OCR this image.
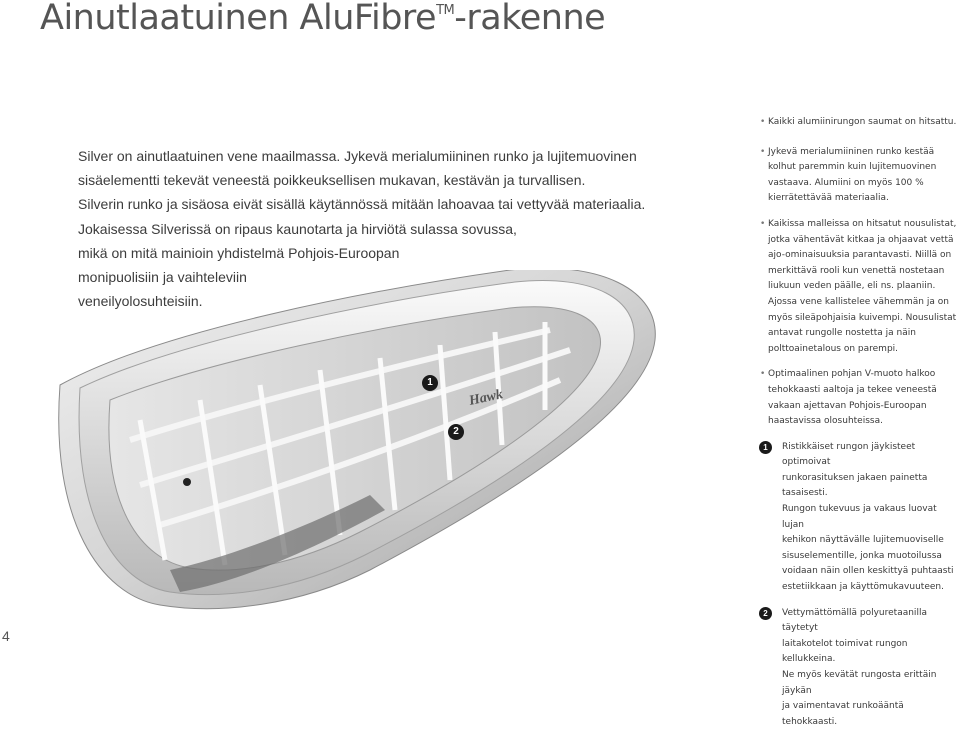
Ainutlaatuinen AluFibre™-rakenne

Silver on ainutlaatuinen vene maailmassa. Jykevä merialumiininen runko ja lujitemuovinen

sisäelementti tekevät veneestä poikkeuksellisen mukavan, kestävän ja turvallisen.

Silverin runko ja sisäosa eivät sisällä käytännössä mitään lahoavaa tai vettyvää materiaalia.

Jokaisessa Silverissä on ripaus kaunotarta ja hirviötä sulassa sovussa,

mikä on mitä mainioin yhdistelmä Pohjois-Euroopan

monipuolisiin ja vaihteleviin

veneilyolosuhteisiin.

Hawk
1
2
• Kaikki alumiinirungon saumat on hitsattu.
• Jykevä merialumiininen runko kestää
kolhut paremmin kuin lujitemuovinen
vastaava. Alumiini on myös 100 %
kierrätettävää materiaalia.
• Kaikissa malleissa on hitsatut nousulistat,
jotka vähentävät kitkaa ja ohjaavat vettä
ajo-ominaisuuksia parantavasti. Niillä on
merkittävä rooli kun venettä nostetaan
liukuun veden päälle, eli ns. plaaniin.
Ajossa vene kallistelee vähemmän ja on
myös sileäpohjaisia kuivempi. Nousulistat
antavat rungolle nostetta ja näin
polttoainetalous on parempi.
• Optimaalinen pohjan V-muoto halkoo
tehokkaasti aaltoja ja tekee veneestä
vakaan ajettavan Pohjois-Euroopan
haastavissa olosuhteissa.
1	Ristikkäiset rungon jäykisteet optimoivat
runkorasituksen jakaen painetta tasaisesti.
Rungon tukevuus ja vakaus luovat lujan
kehikon näyttävälle lujitemuoviselle
sisuselementille, jonka muotoilussa
voidaan näin ollen keskittyä puhtaasti
estetiikkaan ja käyttömukavuuteen.
2	Vettymättömällä polyuretaanilla täytetyt
laitakotelot toimivat rungon kellukkeina.
Ne myös kevätät rungosta erittäin jäykän
ja vaimentavat runkoääntä tehokkaasti.
4
